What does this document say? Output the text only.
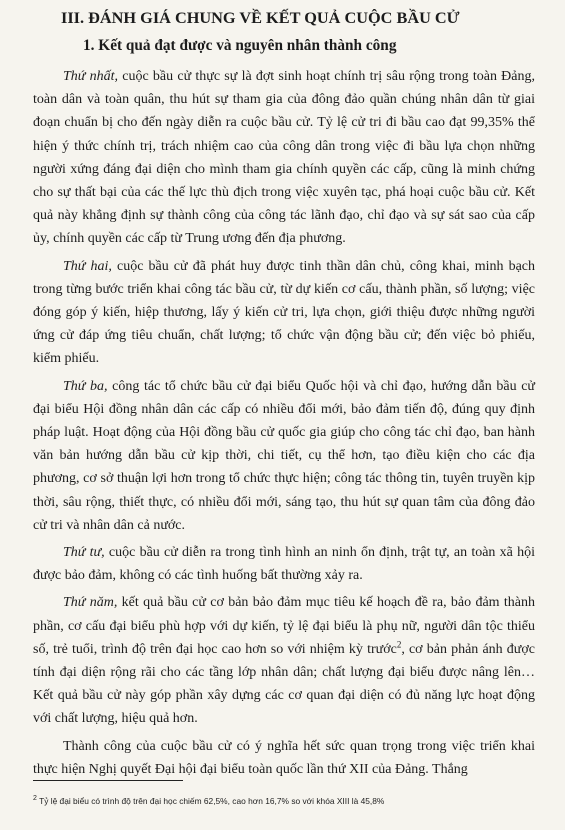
III. ĐÁNH GIÁ CHUNG VỀ KẾT QUẢ CUỘC BẦU CỬ
1. Kết quả đạt được và nguyên nhân thành công

Thứ nhất, cuộc bầu cử thực sự là đợt sinh hoạt chính trị sâu rộng trong toàn Đảng, toàn dân và toàn quân, thu hút sự tham gia của đông đảo quần chúng nhân dân từ giai đoạn chuẩn bị cho đến ngày diễn ra cuộc bầu cử. Tỷ lệ cử tri đi bầu cao đạt 99,35% thể hiện ý thức chính trị, trách nhiệm cao của công dân trong việc đi bầu lựa chọn những người xứng đáng đại diện cho mình tham gia chính quyền các cấp, cũng là minh chứng cho sự thất bại của các thế lực thù địch trong việc xuyên tạc, phá hoại cuộc bầu cử. Kết quả này khẳng định sự thành công của công tác lãnh đạo, chỉ đạo và sự sát sao của cấp ủy, chính quyền các cấp từ Trung ương đến địa phương.

Thứ hai, cuộc bầu cử đã phát huy được tinh thần dân chủ, công khai, minh bạch trong từng bước triển khai công tác bầu cử, từ dự kiến cơ cấu, thành phần, số lượng; việc đóng góp ý kiến, hiệp thương, lấy ý kiến cử tri, lựa chọn, giới thiệu được những người ứng cử đáp ứng tiêu chuẩn, chất lượng; tổ chức vận động bầu cử; đến việc bỏ phiếu, kiểm phiếu.

Thứ ba, công tác tổ chức bầu cử đại biểu Quốc hội và chỉ đạo, hướng dẫn bầu cử đại biểu Hội đồng nhân dân các cấp có nhiều đổi mới, bảo đảm tiến độ, đúng quy định pháp luật. Hoạt động của Hội đồng bầu cử quốc gia giúp cho công tác chỉ đạo, ban hành văn bản hướng dẫn bầu cử kịp thời, chi tiết, cụ thể hơn, tạo điều kiện cho các địa phương, cơ sở thuận lợi hơn trong tổ chức thực hiện; công tác thông tin, tuyên truyền kịp thời, sâu rộng, thiết thực, có nhiều đổi mới, sáng tạo, thu hút sự quan tâm của đông đảo cử tri và nhân dân cả nước.

Thứ tư, cuộc bầu cử diễn ra trong tình hình an ninh ổn định, trật tự, an toàn xã hội được bảo đảm, không có các tình huống bất thường xảy ra.

Thứ năm, kết quả bầu cử cơ bản bảo đảm mục tiêu kế hoạch đề ra, bảo đảm thành phần, cơ cấu đại biểu phù hợp với dự kiến, tỷ lệ đại biểu là phụ nữ, người dân tộc thiểu số, trẻ tuổi, trình độ trên đại học cao hơn so với nhiệm kỳ trước$^2$, cơ bản phản ánh được tính đại diện rộng rãi cho các tầng lớp nhân dân; chất lượng đại biểu được nâng lên… Kết quả bầu cử này góp phần xây dựng các cơ quan đại diện có đủ năng lực hoạt động với chất lượng, hiệu quả hơn.

Thành công của cuộc bầu cử có ý nghĩa hết sức quan trọng trong việc triển khai thực hiện Nghị quyết Đại hội đại biểu toàn quốc lần thứ XII của Đảng. Thắng

$^2$ Tỷ lệ đại biểu có trình độ trên đại học chiếm 62,5%, cao hơn 16,7% so với khóa XIII là 45,8%
